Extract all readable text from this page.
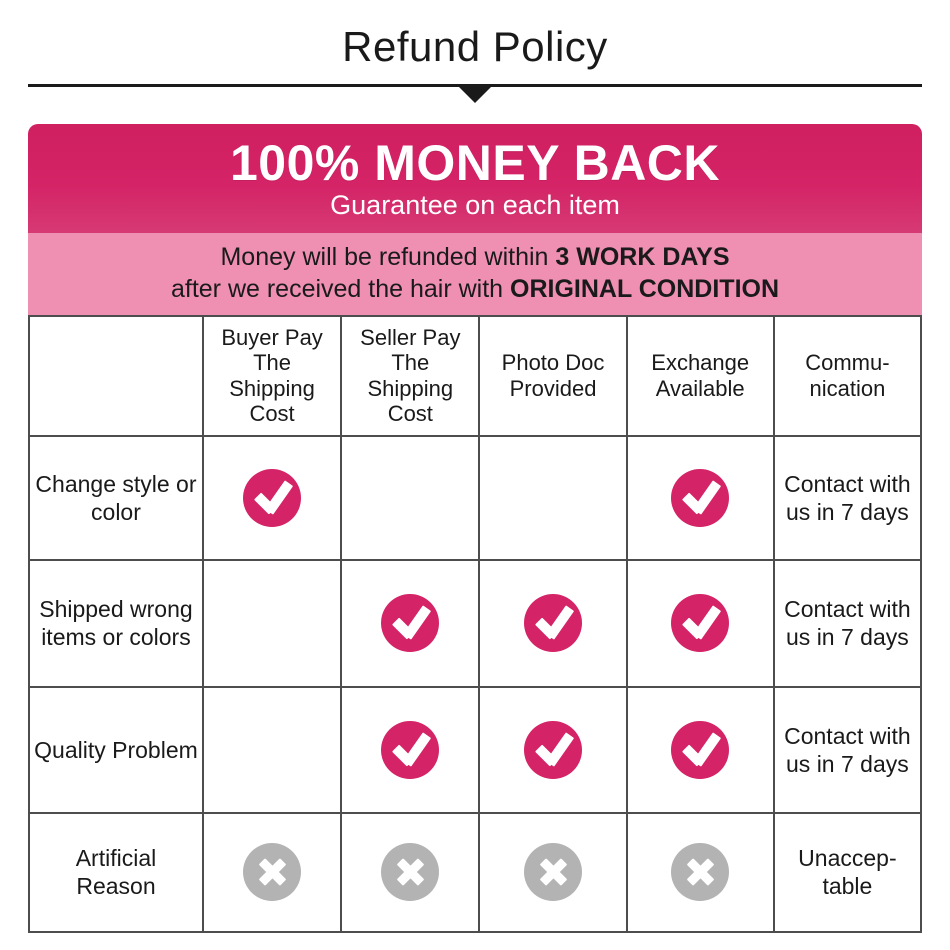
Refund Policy
100% MONEY BACK
Guarantee on each item
Money will be refunded within 3 WORK DAYS
after we received the hair with ORIGINAL CONDITION
	Buyer Pay The Shipping Cost	Seller Pay The Shipping Cost	Photo Doc Provided	Exchange Available	Commu- nication
Change style or color					Contact with us in 7 days
Shipped wrong items or colors					Contact with us in 7 days
Quality Problem					Contact with us in 7 days
Artificial Reason					Unaccep- table
